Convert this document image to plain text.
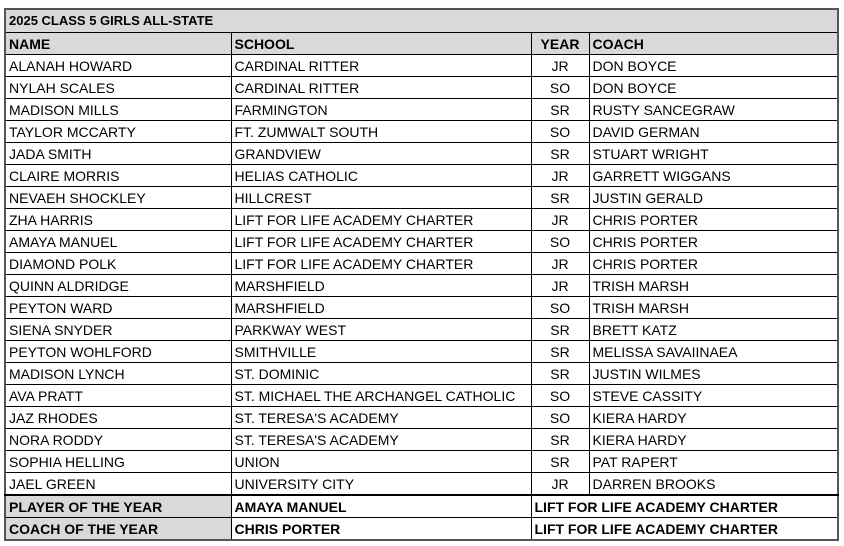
2025 CLASS 5 GIRLS ALL-STATE			
NAME	SCHOOL	YEAR	COACH
ALANAH HOWARD	CARDINAL RITTER	JR	DON BOYCE
NYLAH SCALES	CARDINAL RITTER	SO	DON BOYCE
MADISON MILLS	FARMINGTON	SR	RUSTY SANCEGRAW
TAYLOR MCCARTY	FT. ZUMWALT SOUTH	SO	DAVID GERMAN
JADA SMITH	GRANDVIEW	SR	STUART WRIGHT
CLAIRE MORRIS	HELIAS CATHOLIC	JR	GARRETT WIGGANS
NEVAEH SHOCKLEY	HILLCREST	SR	JUSTIN GERALD
ZHA HARRIS	LIFT FOR LIFE ACADEMY CHARTER	JR	CHRIS PORTER
AMAYA MANUEL	LIFT FOR LIFE ACADEMY CHARTER	SO	CHRIS PORTER
DIAMOND POLK	LIFT FOR LIFE ACADEMY CHARTER	JR	CHRIS PORTER
QUINN ALDRIDGE	MARSHFIELD	JR	TRISH MARSH
PEYTON WARD	MARSHFIELD	SO	TRISH MARSH
SIENA SNYDER	PARKWAY WEST	SR	BRETT KATZ
PEYTON WOHLFORD	SMITHVILLE	SR	MELISSA SAVAIINAEA
MADISON LYNCH	ST. DOMINIC	SR	JUSTIN WILMES
AVA PRATT	ST. MICHAEL THE ARCHANGEL CATHOLIC	SO	STEVE CASSITY
JAZ RHODES	ST. TERESA'S ACADEMY	SO	KIERA HARDY
NORA RODDY	ST. TERESA'S ACADEMY	SR	KIERA HARDY
SOPHIA HELLING	UNION	SR	PAT RAPERT
JAEL GREEN	UNIVERSITY CITY	JR	DARREN BROOKS
PLAYER OF THE YEAR	AMAYA MANUEL	LIFT FOR LIFE ACADEMY CHARTER	
COACH OF THE YEAR	CHRIS PORTER	LIFT FOR LIFE ACADEMY CHARTER	
